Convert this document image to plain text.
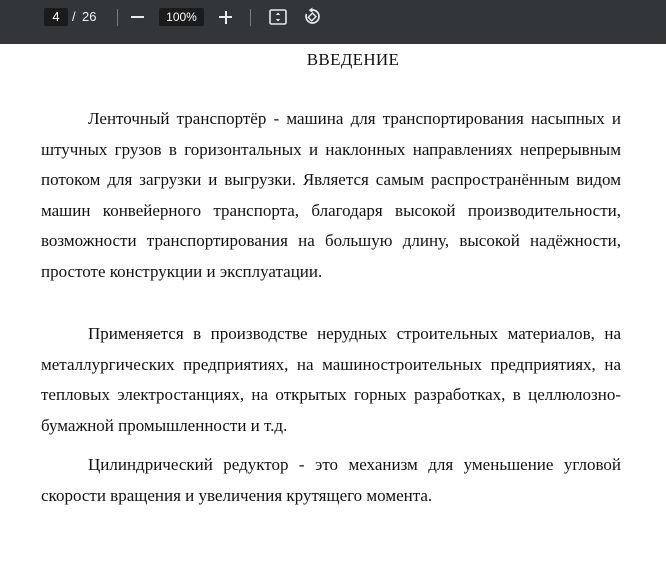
4 / 26	100%
ВВЕДЕНИЕ

Ленточный транспортёр - машина для транспортирования насыпных и штучных грузов в горизонтальных и наклонных направлениях непрерывным потоком для загрузки и выгрузки. Является самым распространённым видом машин конвейерного транспорта, благодаря высокой производительности, возможности транспортирования на большую длину, высокой надёжности, простоте конструкции и эксплуатации.

Применяется в производстве нерудных строительных материалов, на металлургических предприятиях, на машиностроительных предприятиях, на тепловых электростанциях, на открытых горных разработках, в целлюлозно-бумажной промышленности и т.д.

Цилиндрический редуктор - это механизм для уменьшение угловой скорости вращения и увеличения крутящего момента.
